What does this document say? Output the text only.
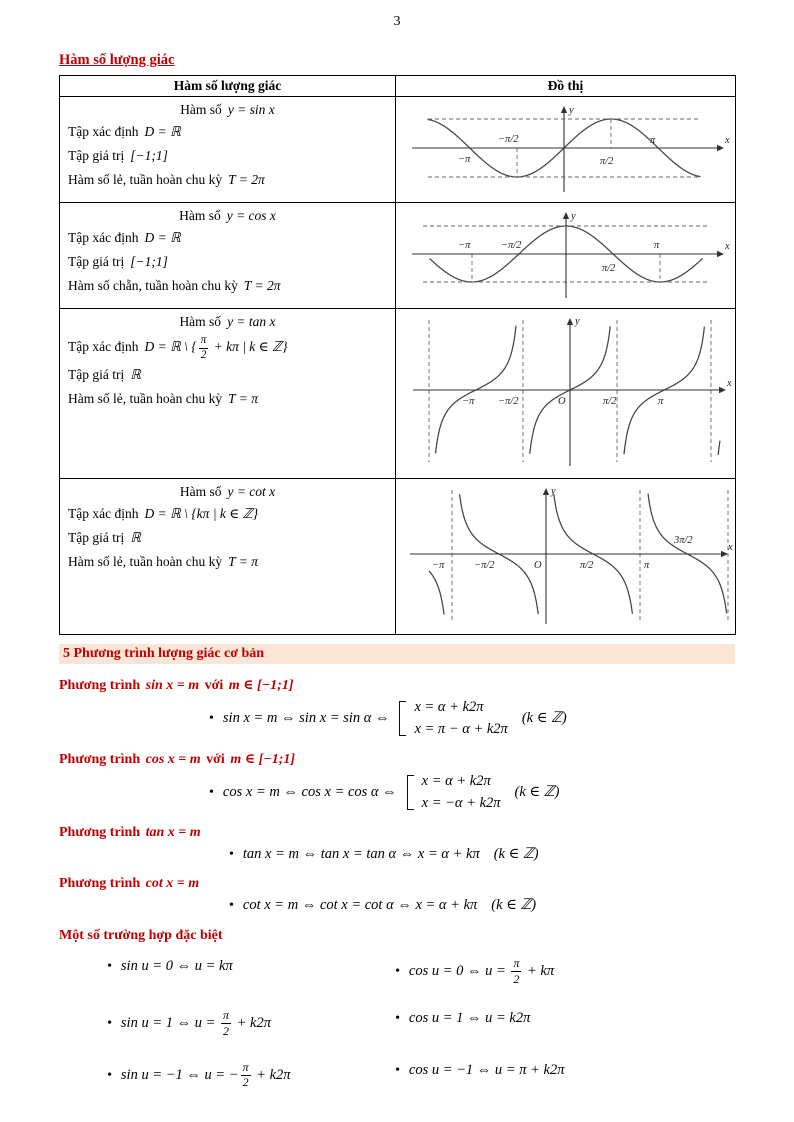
3
Hàm số lượng giác
Hàm số lượng giác	Đồ thị

Hàm số y = sin x
Tập xác định D = ℝ
Tập giá trị [−1;1]
Hàm số lẻ, tuần hoàn chu kỳ T = 2π

y
x
−π
−π/2
π/2
π

Hàm số y = cos x
Tập xác định D = ℝ
Tập giá trị [−1;1]
Hàm số chẵn, tuần hoàn chu kỳ T = 2π

y
x
−π	−π/2	π
π/2

Hàm số y = tan x
Tập xác định D = ℝ \ { $\frac{\pi}{2} + k\pi$ | k ∈ ℤ}
Tập giá trị ℝ
Hàm số lẻ, tuần hoàn chu kỳ T = π

y
x
−π −π/2	O	π/2	π

Hàm số y = cot x
Tập xác định D = ℝ \ {kπ | k ∈ ℤ}
Tập giá trị ℝ
Hàm số lẻ, tuần hoàn chu kỳ T = π

y
x
−π	−π/2	O	π/2	π
3π/2
5 Phương trình lượng giác cơ bản
Phương trình sin x = m với m ∈ [−1;1]
•
sin x = m ⇔ sin x = sin α ⇔
x = α + k2π
x = π − α + k2π
(k ∈ ℤ)
Phương trình cos x = m với m ∈ [−1;1]
•
cos x = m ⇔ cos x = cos α ⇔
x = α + k2π
x = −α + k2π
(k ∈ ℤ)
Phương trình tan x = m
•
tan x = m ⇔ tan x = tan α ⇔ x = α + kπ (k ∈ ℤ)
Phương trình cot x = m
•
cot x = m ⇔ cot x = cot α ⇔ x = α + kπ (k ∈ ℤ)
Một số trường hợp đặc biệt
• sin u = 0 ⇔ u = kπ	• cos u = 0 ⇔ $u = \frac{\pi}{2} + k\pi$
• sin u = 1 ⇔ $u = \frac{\pi}{2} + k2\pi$	• cos u = 1 ⇔ u = k2π
• sin u = −1 ⇔ u = − $\frac{\pi}{2} + k2\pi$	• cos u = −1 ⇔ u = π + k2π
